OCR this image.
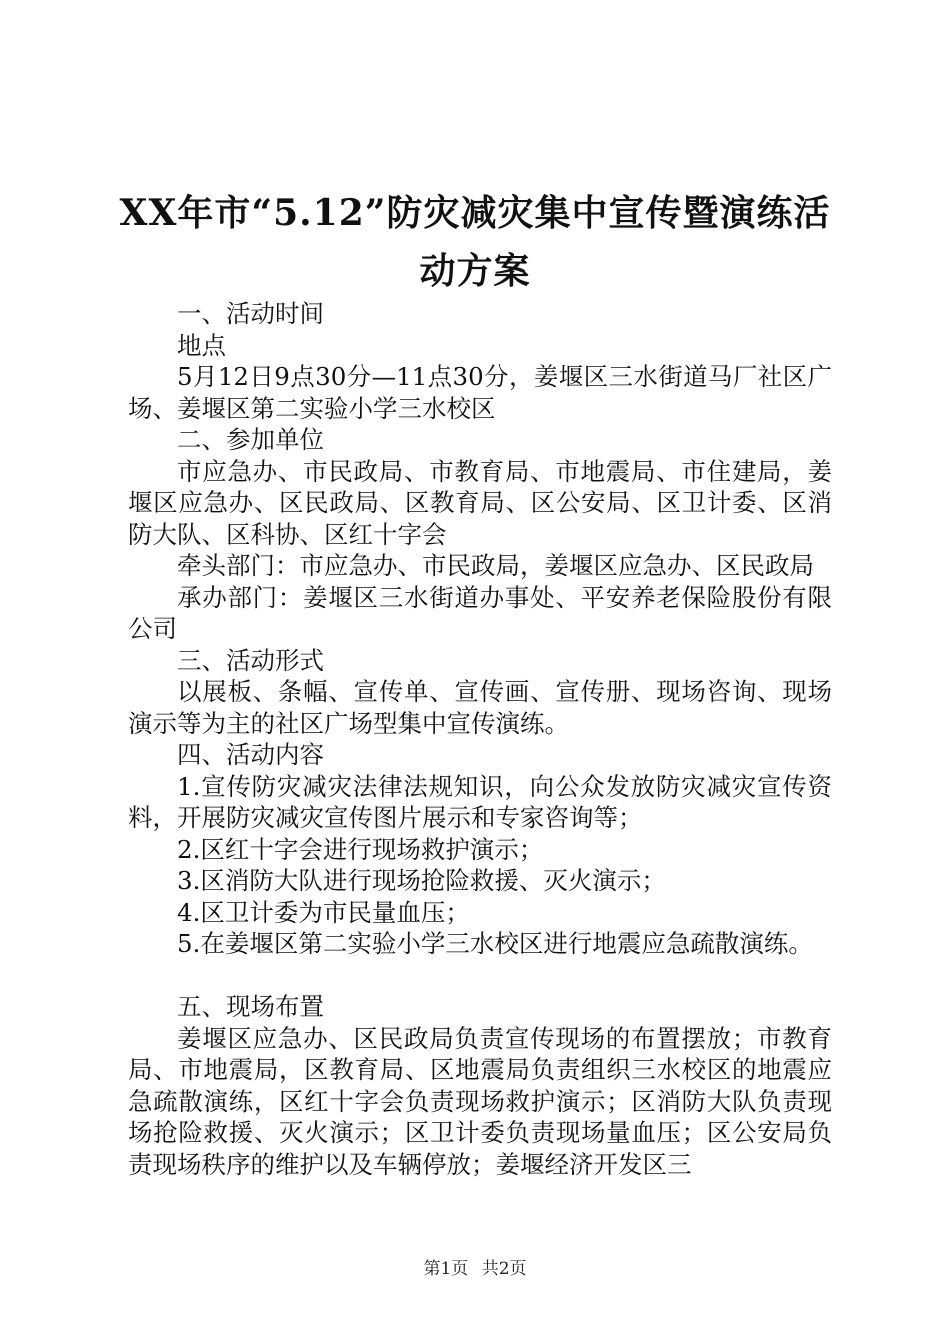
XX年市“5.12”防灾减灾集中宣传暨演练活
动方案

一、活动时间

地点

5月12日9点30分—11点30分，姜堰区三水街道马厂社区广场、姜堰区第二实验小学三水校区

二、参加单位

市应急办、市民政局、市教育局、市地震局、市住建局，姜堰区应急办、区民政局、区教育局、区公安局、区卫计委、区消防大队、区科协、区红十字会

牵头部门：市应急办、市民政局，姜堰区应急办、区民政局

承办部门：姜堰区三水街道办事处、平安养老保险股份有限公司

三、活动形式

以展板、条幅、宣传单、宣传画、宣传册、现场咨询、现场演示等为主的社区广场型集中宣传演练。

四、活动内容

1.宣传防灾减灾法律法规知识，向公众发放防灾减灾宣传资料，开展防灾减灾宣传图片展示和专家咨询等；

2.区红十字会进行现场救护演示；

3.区消防大队进行现场抢险救援、灭火演示；

4.区卫计委为市民量血压；

5.在姜堰区第二实验小学三水校区进行地震应急疏散演练。

五、现场布置

姜堰区应急办、区民政局负责宣传现场的布置摆放；市教育局、市地震局，区教育局、区地震局负责组织三水校区的地震应急疏散演练，区红十字会负责现场救护演示；区消防大队负责现场抢险救援、灭火演示；区卫计委负责现场量血压；区公安局负责现场秩序的维护以及车辆停放；姜堰经济开发区三

第1页 共2页
